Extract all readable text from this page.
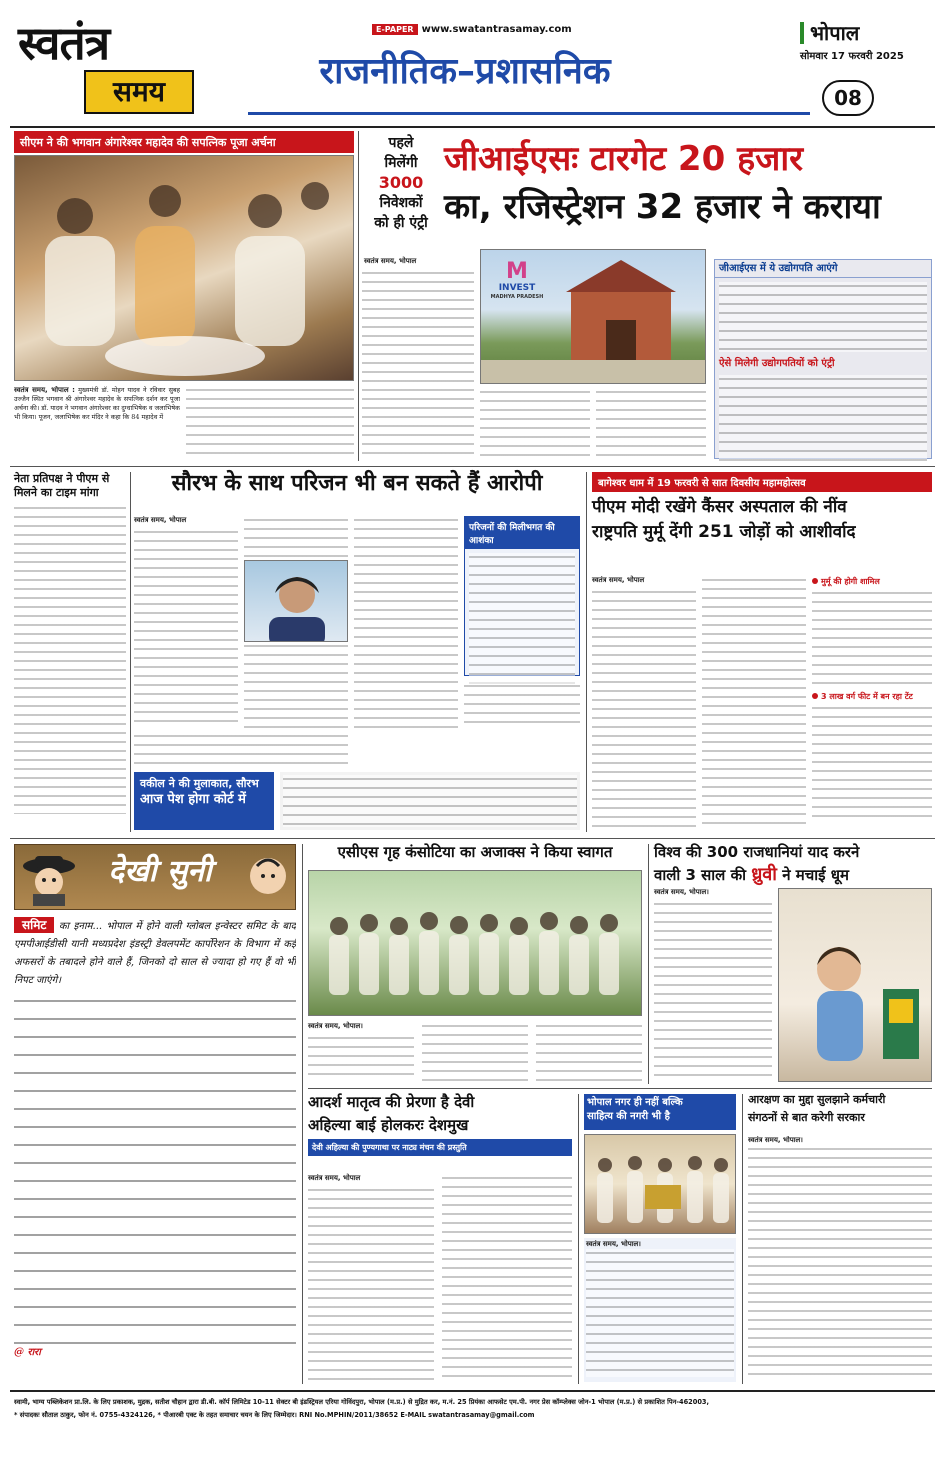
स्वतंत्र
समय
E-PAPER www.swatantrasamay.com
राजनीतिक–प्रशासनिक
भोपाल
सोमवार 17 फरवरी 2025
08
सीएम ने की भगवान अंगारेश्वर महादेव की सपत्निक पूजा अर्चना
स्वतंत्र समय, भोपाल : मुख्यमंत्री डॉ. मोहन यादव ने रविवार सुबह उज्जैन स्थित भगवान श्री अंगारेश्वर महादेव के सपत्निक दर्शन कर पूजा अर्चना की। डॉ. यादव ने भगवान अंगारेश्वर का दुग्धाभिषेक व जलाभिषेक भी किया। पूजन, जलाभिषेक कर मंदिर ने कहा कि 84 महादेव में
पहले
मिलेंगी
3000
निवेशकों
को ही एंट्री
जीआईएसः टारगेट 20 हजार
का, रजिस्ट्रेशन 32 हजार ने कराया
स्वतंत्र समय, भोपाल	M
INVEST
MADHYA PRADESH
जीआईएस में ये उद्योगपति आएंगे
ऐसे मिलेगी उद्योगपतियों को एंट्री
नेता प्रतिपक्ष ने पीएम से मिलने का टाइम मांगा	सौरभ के साथ परिजन भी बन सकते हैं आरोपी
स्वतंत्र समय, भोपाल
परिजनों की मिलीभगत की आशंका
वकील ने की मुलाकात, सौरभ
आज पेश होगा कोर्ट में
बागेश्वर धाम में 19 फरवरी से सात दिवसीय महामहोत्सव
पीएम मोदी रखेंगे कैंसर अस्पताल की नींव
राष्ट्रपति मुर्मू देंगी 251 जोड़ों को आशीर्वाद
स्वतंत्र समय, भोपाल	मुर्मू की होगी शामिल
3 लाख वर्ग फीट में बन रहा टेंट
देखी सुनी
समिट का इनाम... भोपाल में होने वाली ग्लोबल इन्वेस्टर समिट के बाद एमपीआईडीसी यानी मध्यप्रदेश इंडस्ट्री डेवलपमेंट कार्पोरेशन के विभाग में कई अफसरों के तबादले होने वाले हैं, जिनको दो साल से ज्यादा हो गए हैं वो भी निपट जाएंगे।
@ रारा
एसीएस गृह कंसोटिया का अजाक्स ने किया स्वागत
स्वतंत्र समय, भोपाल।
विश्व की 300 राजधानियां याद करने
वाली 3 साल की ध्रुवी ने मचाई धूम
स्वतंत्र समय, भोपाल।
आदर्श मातृत्व की प्रेरणा है देवी
अहिल्या बाई होलकरः देशमुख
देवी अहिल्या की पुण्यगाथा पर नाट्य मंचन की प्रस्तुति
स्वतंत्र समय, भोपाल
भोपाल नगर ही नहीं बल्कि
साहित्य की नगरी भी है
स्वतंत्र समय, भोपाल।
आरक्षण का मुद्दा सुलझाने कर्मचारी
संगठनों से बात करेगी सरकार
स्वतंत्र समय, भोपाल।
स्वामी, भाग्य पब्लिकेशन प्रा.लि. के लिए प्रकाशक, मुद्रक, सतीश चौहान द्वारा डी.बी. कॉर्प लिमिटेड 10-11 सेक्टर बी इंडस्ट्रियल एरिया गोविंदपुरा, भोपाल (म.प्र.) से मुद्रित कर, म.नं. 25 प्रियंका आफसेट एम.पी. नगर प्रेस कॉम्प्लेक्स जोन-1 भोपाल (म.प्र.) से प्रकाशित पिन-462003,
* संपादकः सौताल ठाकुर, फोन नं. 0755-4324126, * पीआरबी एक्ट के तहत समाचार चयन के लिए जिम्मेदार। RNI No.MPHIN/2011/38652 E-MAIL swatantrasamay@gmail.com
